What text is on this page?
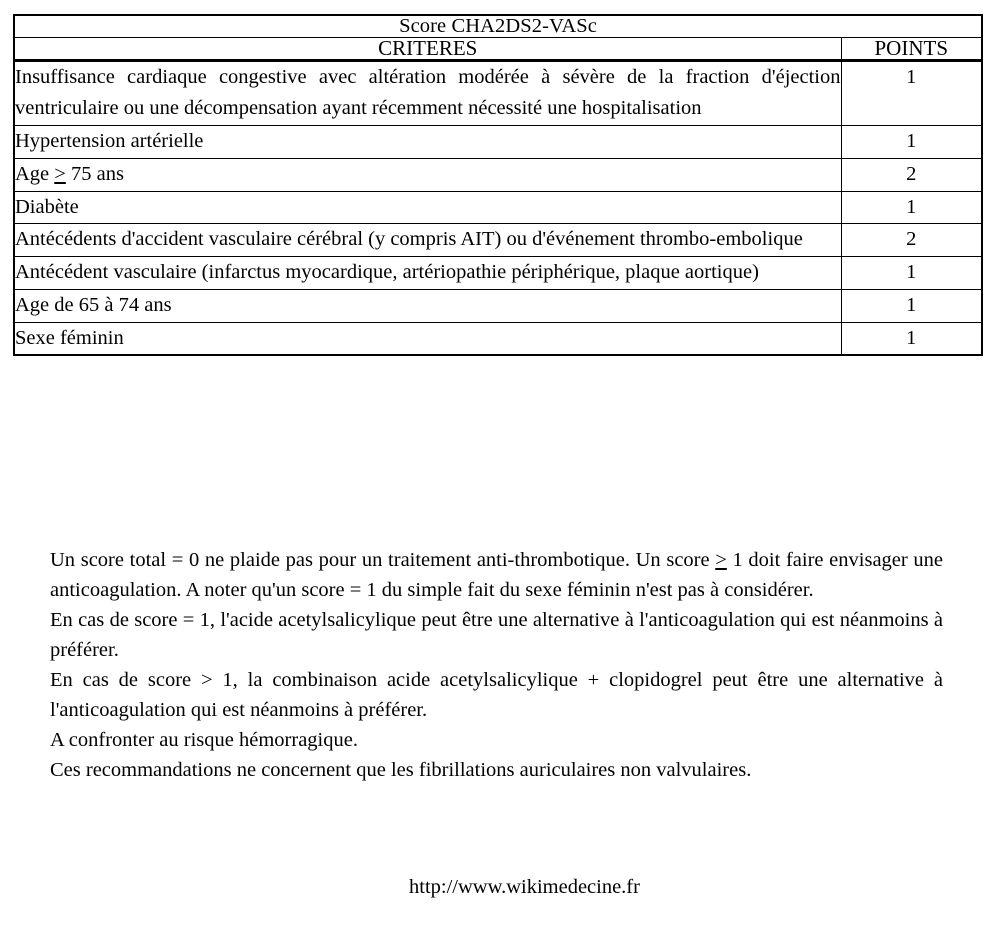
Score CHA2DS2-VASc	
CRITERES	POINTS
Insuffisance cardiaque congestive avec altération modérée à sévère de la fraction d'éjection ventriculaire ou une décompensation ayant récemment nécessité une hospitalisation	1
Hypertension artérielle	1
Age ≥ 75 ans	2
Diabète	1
Antécédents d'accident vasculaire cérébral (y compris AIT) ou d'événement thrombo-embolique	2
Antécédent vasculaire (infarctus myocardique, artériopathie périphérique, plaque aortique)	1
Age de 65 à 74 ans	1
Sexe féminin	1

Un score total = 0 ne plaide pas pour un traitement anti-thrombotique. Un score ≥ 1 doit faire envisager une anticoagulation. A noter qu'un score = 1 du simple fait du sexe féminin n'est pas à considérer.

En cas de score = 1, l'acide acetylsalicylique peut être une alternative à l'anticoagulation qui est néanmoins à préférer.

En cas de score > 1, la combinaison acide acetylsalicylique + clopidogrel peut être une alternative à l'anticoagulation qui est néanmoins à préférer.

A confronter au risque hémorragique.

Ces recommandations ne concernent que les fibrillations auriculaires non valvulaires.

http://www.wikimedecine.fr
